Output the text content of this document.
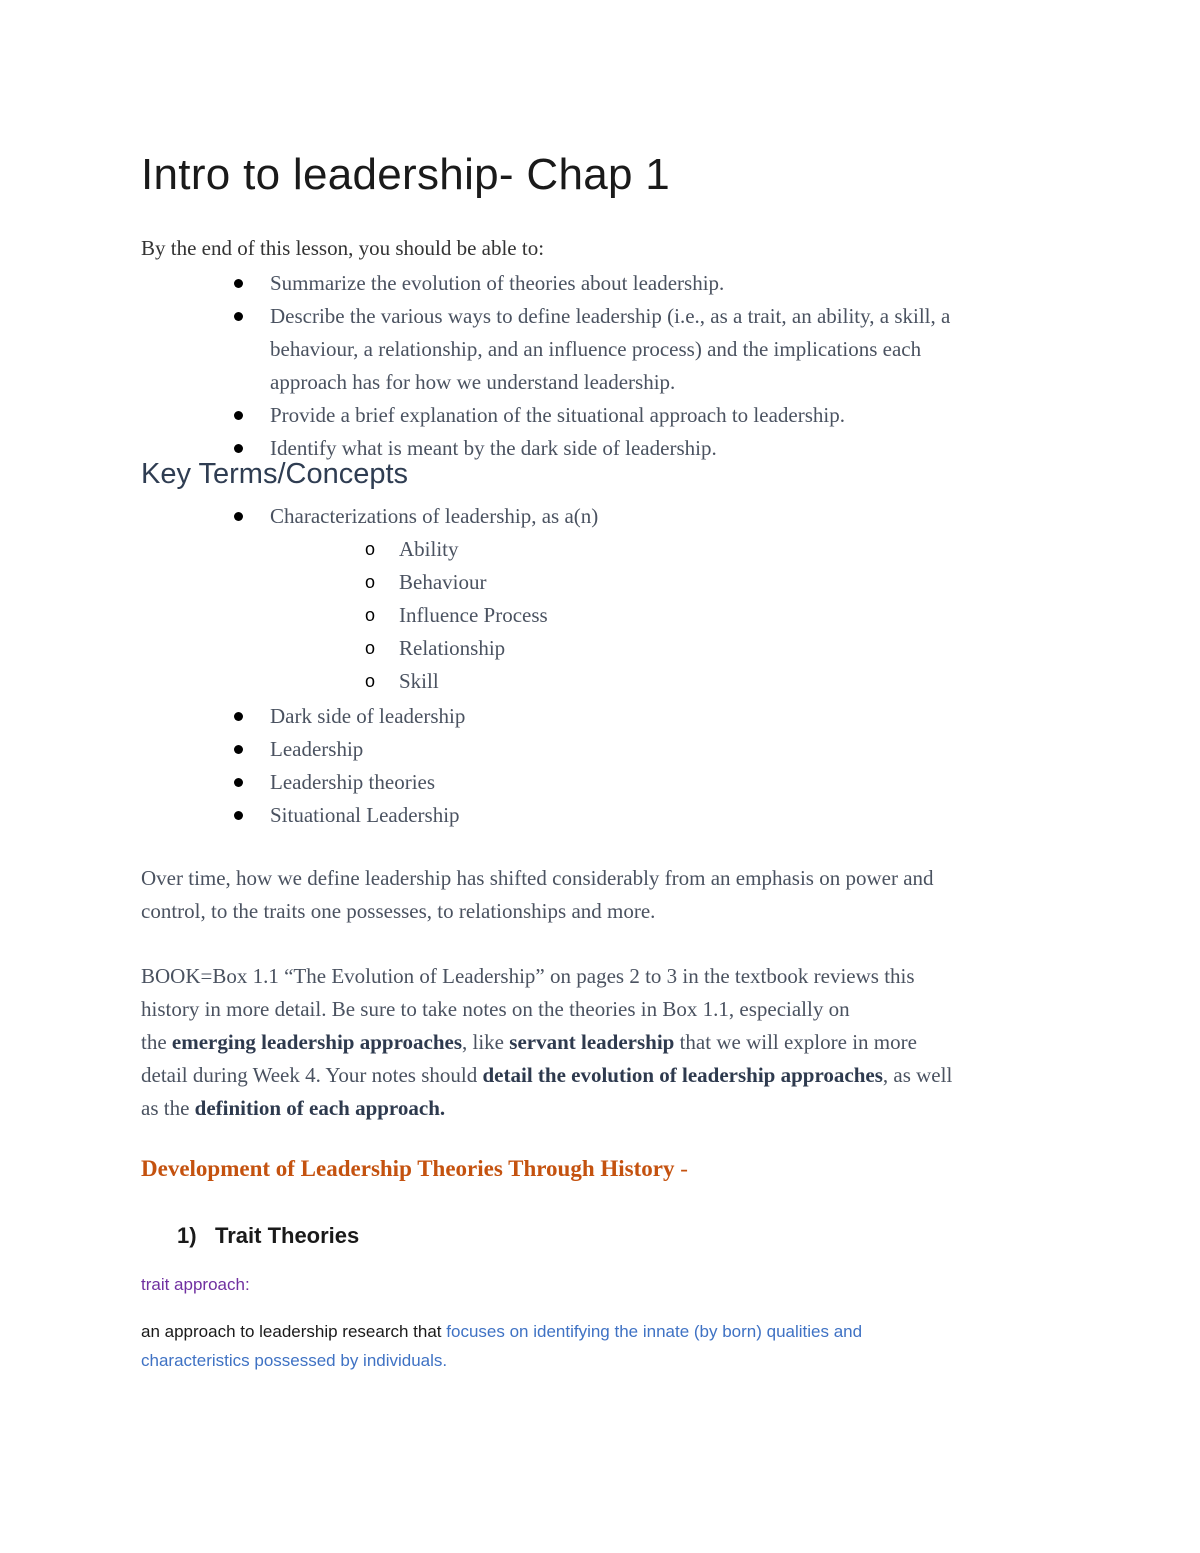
Intro to leadership- Chap 1

By the end of this lesson, you should be able to:

Summarize the evolution of theories about leadership.
Describe the various ways to define leadership (i.e., as a trait, an ability, a skill, a
behaviour, a relationship, and an influence process) and the implications each
approach has for how we understand leadership.
Provide a brief explanation of the situational approach to leadership.
Identify what is meant by the dark side of leadership.
Key Terms/Concepts
Characterizations of leadership, as a(n)
o	Ability
o	Behaviour
o	Influence Process
o	Relationship
o	Skill
Dark side of leadership
Leadership
Leadership theories
Situational Leadership

Over time, how we define leadership has shifted considerably from an emphasis on power and
control, to the traits one possesses, to relationships and more.

BOOK=Box 1.1 “The Evolution of Leadership” on pages 2 to 3 in the textbook reviews this
history in more detail. Be sure to take notes on the theories in Box 1.1, especially on
the emerging leadership approaches, like servant leadership that we will explore in more
detail during Week 4. Your notes should detail the evolution of leadership approaches, as well
as the definition of each approach.

Development of Leadership Theories Through History -
1) Trait Theories

trait approach:

an approach to leadership research that focuses on identifying the innate (by born) qualities and
characteristics possessed by individuals.
